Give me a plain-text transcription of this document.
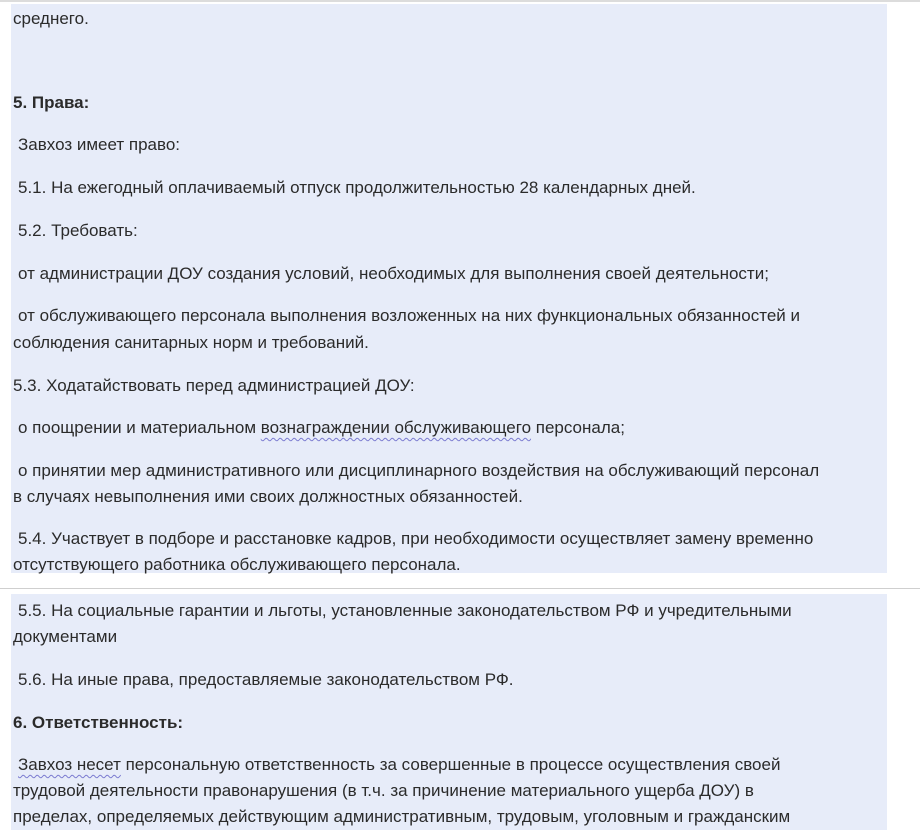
среднего.
5. Права:
Завхоз имеет право:
5.1. На ежегодный оплачиваемый отпуск продолжительностью 28 календарных дней.
5.2. Требовать:
от администрации ДОУ создания условий, необходимых для выполнения своей деятельности;
от обслуживающего персонала выполнения возложенных на них функциональных обязанностей и
соблюдения санитарных норм и требований.
5.3. Ходатайствовать перед администрацией ДОУ:
о поощрении и материальном вознаграждении обслуживающего персонала;
о принятии мер административного или дисциплинарного воздействия на обслуживающий персонал
в случаях невыполнения ими своих должностных обязанностей.
5.4. Участвует в подборе и расстановке кадров, при необходимости осуществляет замену временно
отсутствующего работника обслуживающего персонала.
5.5. На социальные гарантии и льготы, установленные законодательством РФ и учредительными
документами
5.6. На иные права, предоставляемые законодательством РФ.
6. Ответственность:
Завхоз несет персональную ответственность за совершенные в процессе осуществления своей
трудовой деятельности правонарушения (в т.ч. за причинение материального ущерба ДОУ) в
пределах, определяемых действующим административным, трудовым, уголовным и гражданским
